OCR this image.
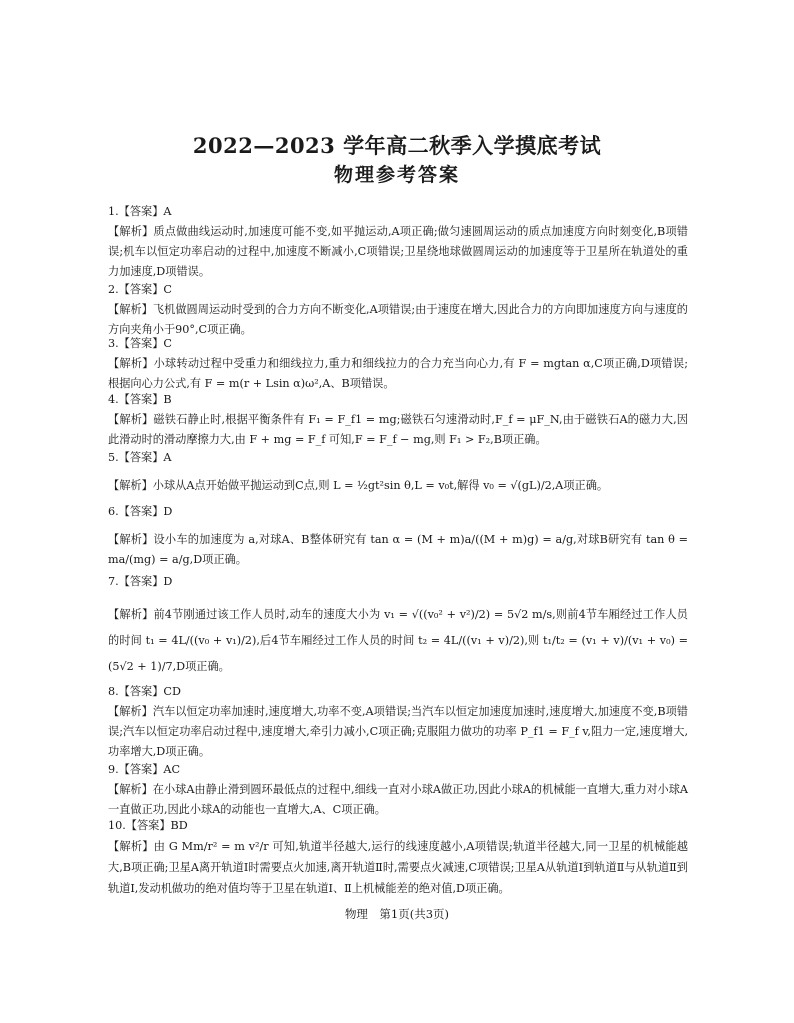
2022—2023 学年高二秋季入学摸底考试
物理参考答案
1.【答案】A
【解析】质点做曲线运动时,加速度可能不变,如平抛运动,A项正确;做匀速圆周运动的质点加速度方向时刻变化,B项错误;机车以恒定功率启动的过程中,加速度不断减小,C项错误;卫星绕地球做圆周运动的加速度等于卫星所在轨道处的重力加速度,D项错误。
2.【答案】C
【解析】飞机做圆周运动时受到的合力方向不断变化,A项错误;由于速度在增大,因此合力的方向即加速度方向与速度的方向夹角小于90°,C项正确。
3.【答案】C
【解析】小球转动过程中受重力和细线拉力,重力和细线拉力的合力充当向心力,有 F = mgtan α,C项正确,D项错误;根据向心力公式,有 F = m(r + Lsin α)ω²,A、B项错误。
4.【答案】B
【解析】磁铁石静止时,根据平衡条件有 F₁ = F_f1 = mg;磁铁石匀速滑动时,F_f = μF_N,由于磁铁石A的磁力大,因此滑动时的滑动摩擦力大,由 F + mg = F_f 可知,F = F_f − mg,则 F₁ > F₂,B项正确。
5.【答案】A
【解析】小球从A点开始做平抛运动到C点,则 L = ½gt²sin θ,L = v₀t,解得 v₀ = √(gL)/2,A项正确。
6.【答案】D
【解析】设小车的加速度为 a,对球A、B整体研究有 tan α = (M + m)a/((M + m)g) = a/g,对球B研究有 tan θ = ma/(mg) = a/g,D项正确。
7.【答案】D
【解析】前4节刚通过该工作人员时,动车的速度大小为 v₁ = √((v₀² + v²)/2) = 5√2 m/s,则前4节车厢经过工作人员的时间 t₁ = 4L/((v₀ + v₁)/2),后4节车厢经过工作人员的时间 t₂ = 4L/((v₁ + v)/2),则 t₁/t₂ = (v₁ + v)/(v₁ + v₀) = (5√2 + 1)/7,D项正确。
8.【答案】CD
【解析】汽车以恒定功率加速时,速度增大,功率不变,A项错误;当汽车以恒定加速度加速时,速度增大,加速度不变,B项错误;汽车以恒定功率启动过程中,速度增大,牵引力减小,C项正确;克服阻力做功的功率 P_f1 = F_f v,阻力一定,速度增大,功率增大,D项正确。
9.【答案】AC
【解析】在小球A由静止滑到圆环最低点的过程中,细线一直对小球A做正功,因此小球A的机械能一直增大,重力对小球A一直做正功,因此小球A的动能也一直增大,A、C项正确。
10.【答案】BD
【解析】由 G Mm/r² = m v²/r 可知,轨道半径越大,运行的线速度越小,A项错误;轨道半径越大,同一卫星的机械能越大,B项正确;卫星A离开轨道Ⅰ时需要点火加速,离开轨道Ⅱ时,需要点火减速,C项错误;卫星A从轨道Ⅰ到轨道Ⅱ与从轨道Ⅱ到轨道Ⅰ,发动机做功的绝对值均等于卫星在轨道Ⅰ、Ⅱ上机械能差的绝对值,D项正确。
物理　第1页(共3页)
